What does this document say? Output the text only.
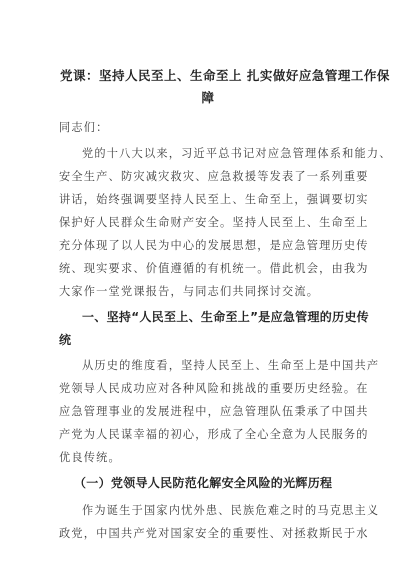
党课：坚持人民至上、生命至上 扎实做好应急管理工作保
障
同志们：
党的十八大以来，习近平总书记对应急管理体系和能力、
安全生产、防灾减灾救灾、应急救援等发表了一系列重要
讲话，始终强调要坚持人民至上、生命至上，强调要切实
保护好人民群众生命财产安全。坚持人民至上、生命至上
充分体现了以人民为中心的发展思想，是应急管理历史传
统、现实要求、价值遵循的有机统一。借此机会，由我为
大家作一堂党课报告，与同志们共同探讨交流。
一、坚持“人民至上、生命至上”是应急管理的历史传
统
从历史的维度看，坚持人民至上、生命至上是中国共产
党领导人民成功应对各种风险和挑战的重要历史经验。在
应急管理事业的发展进程中，应急管理队伍秉承了中国共
产党为人民谋幸福的初心，形成了全心全意为人民服务的
优良传统。
（一）党领导人民防范化解安全风险的光辉历程
作为诞生于国家内忧外患、民族危难之时的马克思主义
政党，中国共产党对国家安全的重要性、对拯救斯民于水
